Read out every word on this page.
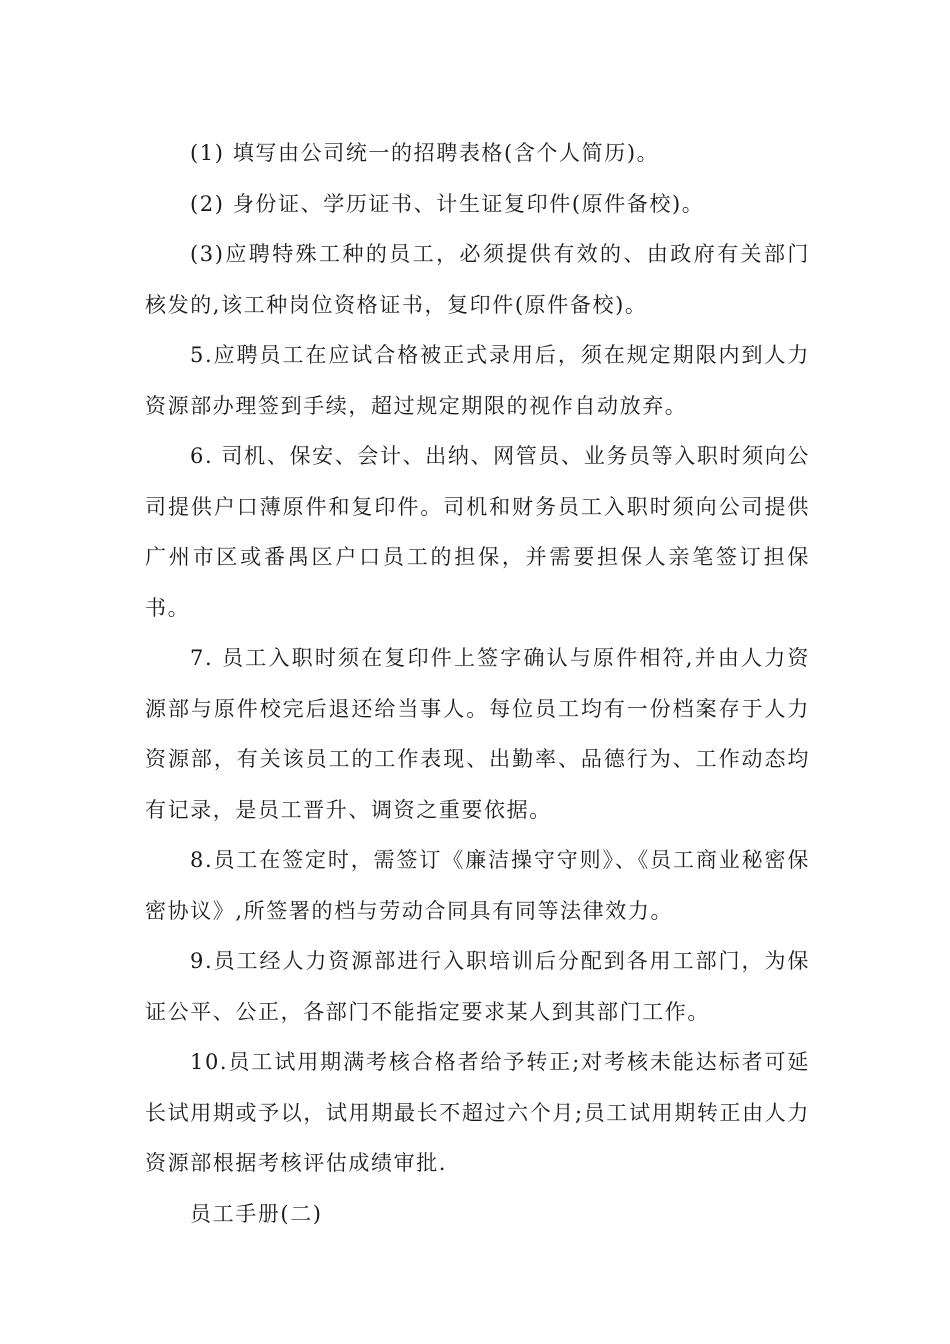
(1) 填写由公司统一的招聘表格(含个人简历)。

(2) 身份证、学历证书、计生证复印件(原件备校)。

(3)应聘特殊工种的员工，必须提供有效的、由政府有关部门核发的,该工种岗位资格证书，复印件(原件备校)。

5.应聘员工在应试合格被正式录用后，须在规定期限内到人力资源部办理签到手续，超过规定期限的视作自动放弃。

6. 司机、保安、会计、出纳、网管员、业务员等入职时须向公司提供户口薄原件和复印件。司机和财务员工入职时须向公司提供广州市区或番禺区户口员工的担保，并需要担保人亲笔签订担保书。

7. 员工入职时须在复印件上签字确认与原件相符,并由人力资源部与原件校完后退还给当事人。每位员工均有一份档案存于人力资源部，有关该员工的工作表现、出勤率、品德行为、工作动态均有记录，是员工晋升、调资之重要依据。

8.员工在签定时，需签订《廉洁操守守则》、《员工商业秘密保密协议》,所签署的档与劳动合同具有同等法律效力。

9.员工经人力资源部进行入职培训后分配到各用工部门，为保证公平、公正，各部门不能指定要求某人到其部门工作。

10.员工试用期满考核合格者给予转正;对考核未能达标者可延长试用期或予以，试用期最长不超过六个月;员工试用期转正由人力资源部根据考核评估成绩审批.

员工手册(二)
